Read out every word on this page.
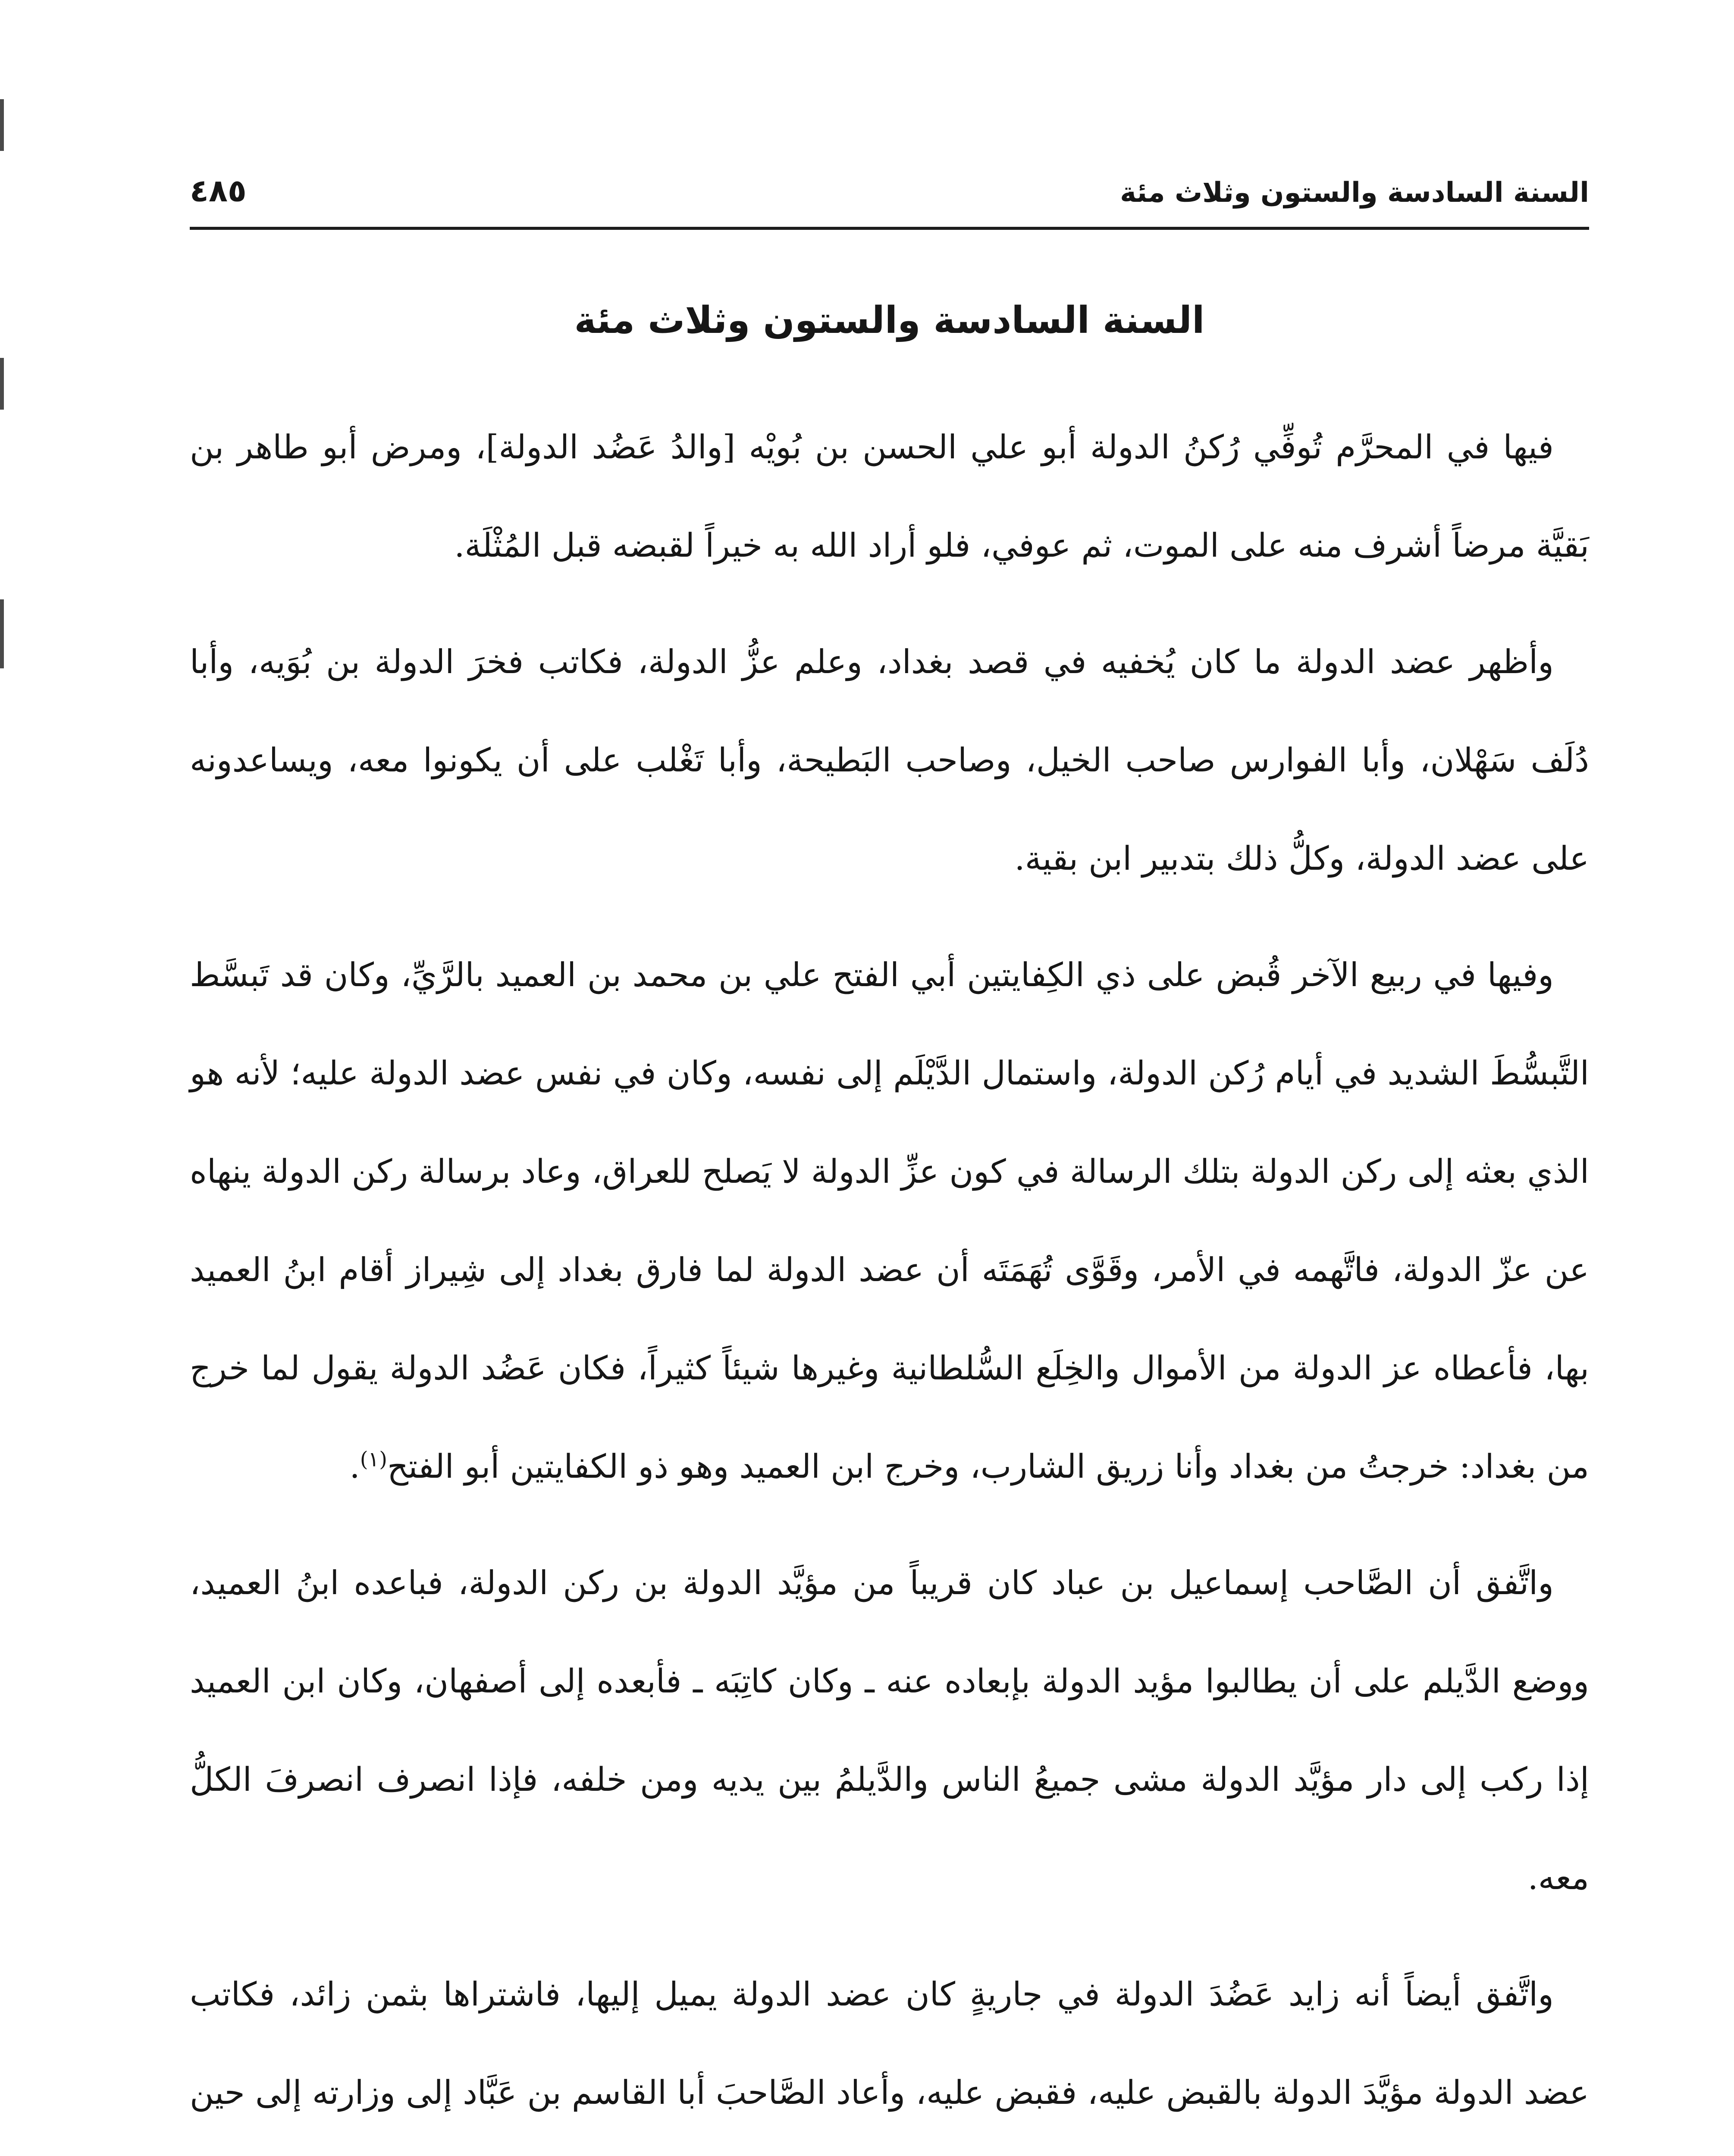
السنة السادسة والستون وثلاث مئة
٤٨٥
السنة السادسة والستون وثلاث مئة

فيها في المحرَّم تُوفِّي رُكنُ الدولة أبو علي الحسن بن بُويْه [والدُ عَضُد الدولة]، ومرض أبو طاهر بن بَقيَّة مرضاً أشرف منه على الموت، ثم عوفي، فلو أراد الله به خيراً لقبضه قبل المُثْلَة.

وأظهر عضد الدولة ما كان يُخفيه في قصد بغداد، وعلم عزُّ الدولة، فكاتب فخرَ الدولة بن بُوَيه، وأبا دُلَف سَهْلان، وأبا الفوارس صاحب الخيل، وصاحب البَطيحة، وأبا تَغْلب على أن يكونوا معه، ويساعدونه على عضد الدولة، وكلُّ ذلك بتدبير ابن بقية.

وفيها في ربيع الآخر قُبض على ذي الكِفايتين أبي الفتح علي بن محمد بن العميد بالرَّيِّ، وكان قد تَبسَّط التَّبسُّطَ الشديد في أيام رُكن الدولة، واستمال الدَّيْلَم إلى نفسه، وكان في نفس عضد الدولة عليه؛ لأنه هو الذي بعثه إلى ركن الدولة بتلك الرسالة في كون عزِّ الدولة لا يَصلح للعراق، وعاد برسالة ركن الدولة ينهاه عن عزّ الدولة، فاتَّهمه في الأمر، وقَوَّى تُهَمَتَه أن عضد الدولة لما فارق بغداد إلى شِيراز أقام ابنُ العميد بها، فأعطاه عز الدولة من الأموال والخِلَع السُّلطانية وغيرها شيئاً كثيراً، فكان عَضُد الدولة يقول لما خرج من بغداد: خرجتُ من بغداد وأنا زريق الشارب، وخرج ابن العميد وهو ذو الكفايتين أبو الفتح$^{(١)}$.

واتَّفق أن الصَّاحب إسماعيل بن عباد كان قريباً من مؤيَّد الدولة بن ركن الدولة، فباعده ابنُ العميد، ووضع الدَّيلم على أن يطالبوا مؤيد الدولة بإبعاده عنه ـ وكان كاتِبَه ـ فأبعده إلى أصفهان، وكان ابن العميد إذا ركب إلى دار مؤيَّد الدولة مشى جميعُ الناس والدَّيلمُ بين يديه ومن خلفه، فإذا انصرف انصرفَ الكلُّ معه.

واتَّفق أيضاً أنه زايد عَضُدَ الدولة في جاريةٍ كان عضد الدولة يميل إليها، فاشتراها بثمن زائد، فكاتب عضد الدولة مؤيَّدَ الدولة بالقبض عليه، فقبض عليه، وأعاد الصَّاحبَ أبا القاسم بن عَبَّاد إلى وزارته إلى حين
